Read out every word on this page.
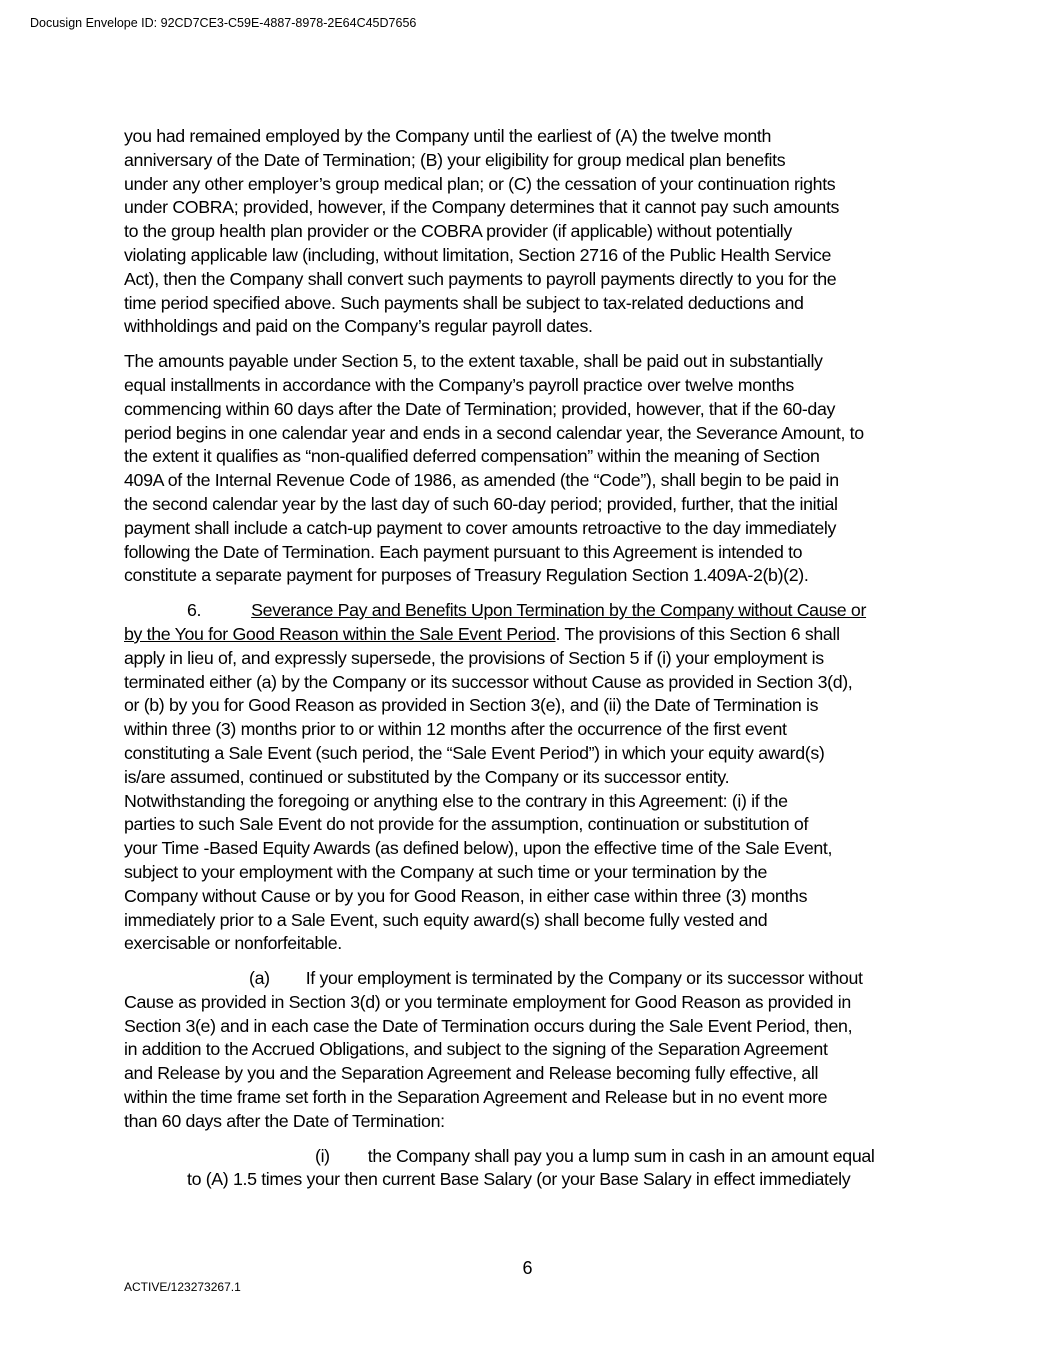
Docusign Envelope ID: 92CD7CE3-C59E-4887-8978-2E64C45D7656
you had remained employed by the Company until the earliest of (A) the twelve month
anniversary of the Date of Termination; (B) your eligibility for group medical plan benefits
under any other employer’s group medical plan; or (C) the cessation of your continuation rights
under COBRA; provided, however, if the Company determines that it cannot pay such amounts
to the group health plan provider or the COBRA provider (if applicable) without potentially
violating applicable law (including, without limitation, Section 2716 of the Public Health Service
Act), then the Company shall convert such payments to payroll payments directly to you for the
time period specified above. Such payments shall be subject to tax-related deductions and
withholdings and paid on the Company’s regular payroll dates.
The amounts payable under Section 5, to the extent taxable, shall be paid out in substantially
equal installments in accordance with the Company’s payroll practice over twelve months
commencing within 60 days after the Date of Termination; provided, however, that if the 60-day
period begins in one calendar year and ends in a second calendar year, the Severance Amount, to
the extent it qualifies as “non-qualified deferred compensation” within the meaning of Section
409A of the Internal Revenue Code of 1986, as amended (the “Code”), shall begin to be paid in
the second calendar year by the last day of such 60-day period; provided, further, that the initial
payment shall include a catch-up payment to cover amounts retroactive to the day immediately
following the Date of Termination. Each payment pursuant to this Agreement is intended to
constitute a separate payment for purposes of Treasury Regulation Section 1.409A-2(b)(2).
6.	Severance Pay and Benefits Upon Termination by the Company without Cause or
by the You for Good Reason within the Sale Event Period. The provisions of this Section 6 shall
apply in lieu of, and expressly supersede, the provisions of Section 5 if (i) your employment is
terminated either (a) by the Company or its successor without Cause as provided in Section 3(d),
or (b) by you for Good Reason as provided in Section 3(e), and (ii) the Date of Termination is
within three (3) months prior to or within 12 months after the occurrence of the first event
constituting a Sale Event (such period, the “Sale Event Period”) in which your equity award(s)
is/are assumed, continued or substituted by the Company or its successor entity.
Notwithstanding the foregoing or anything else to the contrary in this Agreement: (i) if the
parties to such Sale Event do not provide for the assumption, continuation or substitution of
your Time -Based Equity Awards (as defined below), upon the effective time of the Sale Event,
subject to your employment with the Company at such time or your termination by the
Company without Cause or by you for Good Reason, in either case within three (3) months
immediately prior to a Sale Event, such equity award(s) shall become fully vested and
exercisable or nonforfeitable.
(a) If your employment is terminated by the Company or its successor without
Cause as provided in Section 3(d) or you terminate employment for Good Reason as provided in
Section 3(e) and in each case the Date of Termination occurs during the Sale Event Period, then,
in addition to the Accrued Obligations, and subject to the signing of the Separation Agreement
and Release by you and the Separation Agreement and Release becoming fully effective, all
within the time frame set forth in the Separation Agreement and Release but in no event more
than 60 days after the Date of Termination:
(i) the Company shall pay you a lump sum in cash in an amount equal
to (A) 1.5 times your then current Base Salary (or your Base Salary in effect immediately
6
ACTIVE/123273267.1
